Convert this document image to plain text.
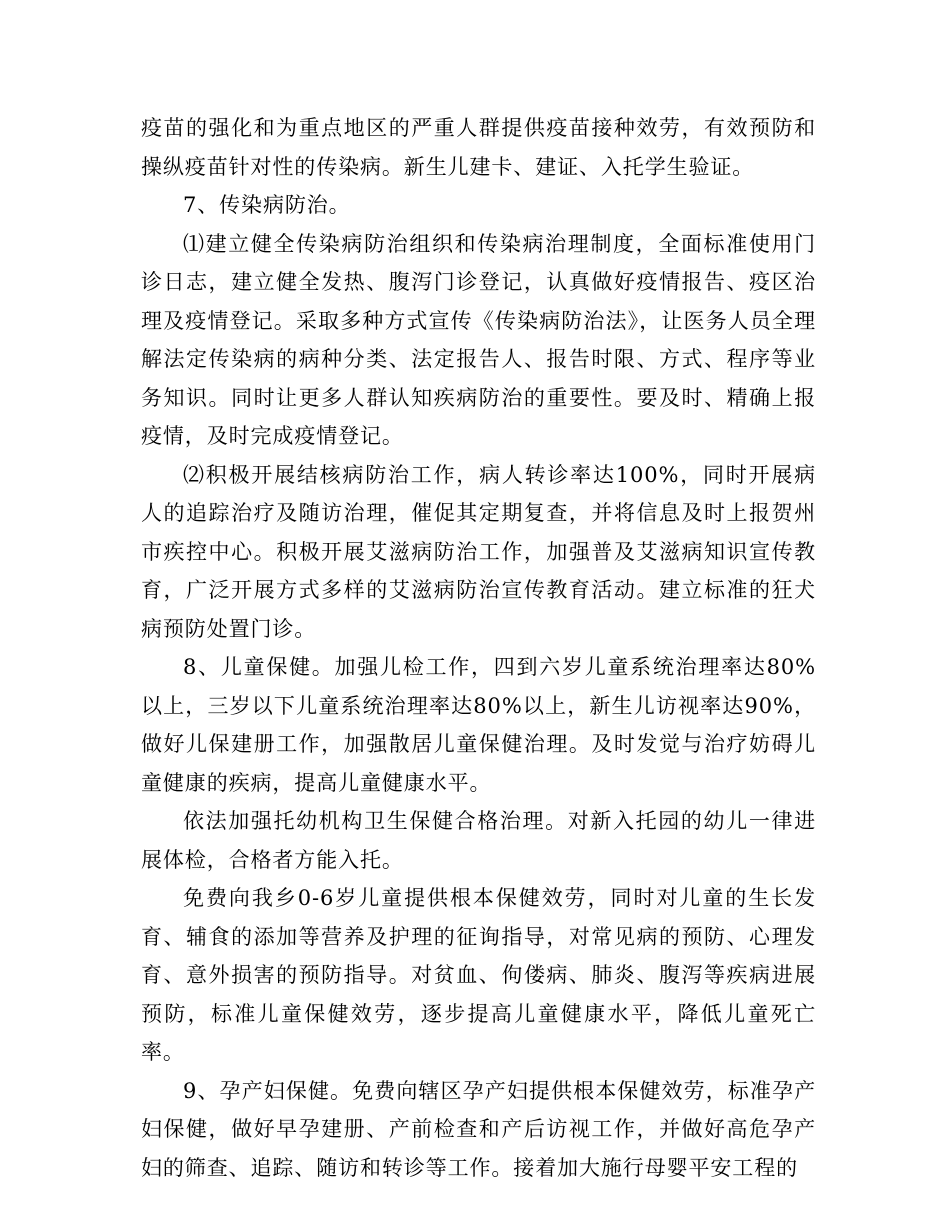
疫苗的强化和为重点地区的严重人群提供疫苗接种效劳，有效预防和操纵疫苗针对性的传染病。新生儿建卡、建证、入托学生验证。

7、传染病防治。

⑴建立健全传染病防治组织和传染病治理制度，全面标准使用门诊日志，建立健全发热、腹泻门诊登记，认真做好疫情报告、疫区治理及疫情登记。采取多种方式宣传《传染病防治法》，让医务人员全理解法定传染病的病种分类、法定报告人、报告时限、方式、程序等业务知识。同时让更多人群认知疾病防治的重要性。要及时、精确上报疫情，及时完成疫情登记。

⑵积极开展结核病防治工作，病人转诊率达100%，同时开展病人的追踪治疗及随访治理，催促其定期复查，并将信息及时上报贺州市疾控中心。积极开展艾滋病防治工作，加强普及艾滋病知识宣传教育，广泛开展方式多样的艾滋病防治宣传教育活动。建立标准的狂犬病预防处置门诊。

8、儿童保健。加强儿检工作，四到六岁儿童系统治理率达80%以上，三岁以下儿童系统治理率达80%以上，新生儿访视率达90%，做好儿保建册工作，加强散居儿童保健治理。及时发觉与治疗妨碍儿童健康的疾病，提高儿童健康水平。

依法加强托幼机构卫生保健合格治理。对新入托园的幼儿一律进展体检，合格者方能入托。

免费向我乡0-6岁儿童提供根本保健效劳，同时对儿童的生长发育、辅食的添加等营养及护理的征询指导，对常见病的预防、心理发育、意外损害的预防指导。对贫血、佝偻病、肺炎、腹泻等疾病进展预防，标准儿童保健效劳，逐步提高儿童健康水平，降低儿童死亡率。

9、孕产妇保健。免费向辖区孕产妇提供根本保健效劳，标准孕产妇保健，做好早孕建册、产前检查和产后访视工作，并做好高危孕产妇的筛查、追踪、随访和转诊等工作。接着加大施行母婴平安工程的
